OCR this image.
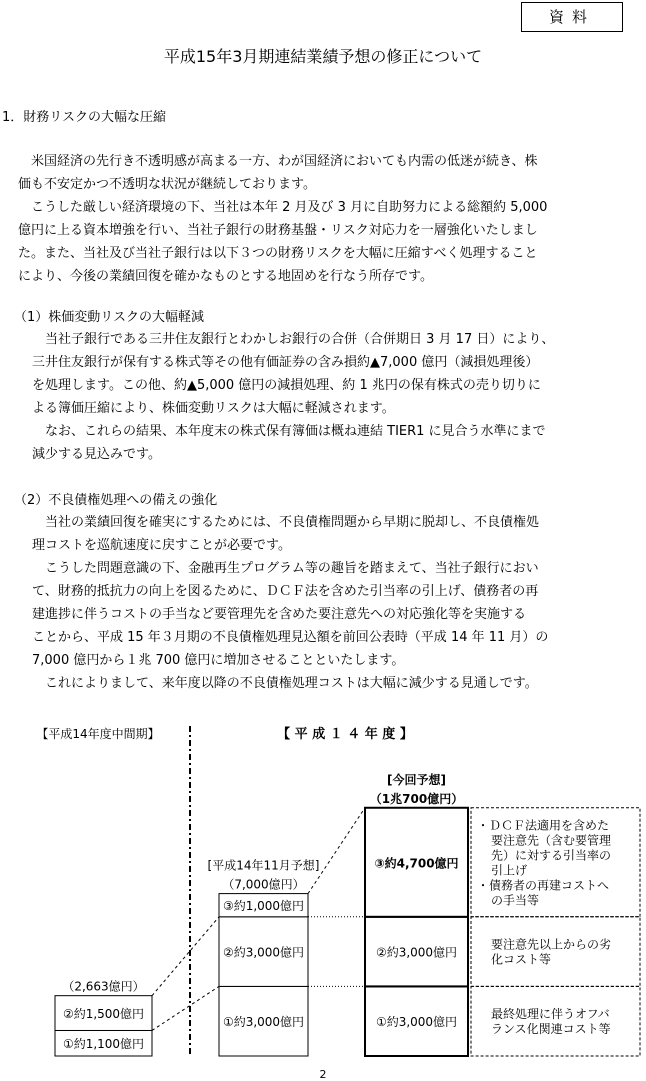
資料
平成15年3月期連結業績予想の修正について
1．財務リスクの大幅な圧縮
　米国経済の先行き不透明感が高まる一方、わが国経済においても内需の低迷が続き、株
価も不安定かつ不透明な状況が継続しております。
　こうした厳しい経済環境の下、当社は本年 2 月及び 3 月に自助努力による総額約 5,000
億円に上る資本増強を行い、当社子銀行の財務基盤・リスク対応力を一層強化いたしまし
た。また、当社及び当社子銀行は以下３つの財務リスクを大幅に圧縮すべく処理すること
により、今後の業績回復を確かなものとする地固めを行なう所存です。
（1）株価変動リスクの大幅軽減
　当社子銀行である三井住友銀行とわかしお銀行の合併（合併期日 3 月 17 日）により、
三井住友銀行が保有する株式等その他有価証券の含み損約▲7,000 億円（減損処理後）
を処理します。この他、約▲5,000 億円の減損処理、約 1 兆円の保有株式の売り切りに
よる簿価圧縮により、株価変動リスクは大幅に軽減されます。
　なお、これらの結果、本年度末の株式保有簿価は概ね連結 TIER1 に見合う水準にまで
減少する見込みです。
（2）不良債権処理への備えの強化
　当社の業績回復を確実にするためには、不良債権問題から早期に脱却し、不良債権処
理コストを巡航速度に戻すことが必要です。
　こうした問題意識の下、金融再生プログラム等の趣旨を踏まえて、当社子銀行におい
て、財務的抵抗力の向上を図るために、ＤＣＦ法を含めた引当率の引上げ、債務者の再
建進捗に伴うコストの手当など要管理先を含めた要注意先への対応強化等を実施する
ことから、平成 15 年３月期の不良債権処理見込額を前回公表時（平成 14 年 11 月）の
7,000 億円から１兆 700 億円に増加させることといたします。
　これによりまして、来年度以降の不良債権処理コストは大幅に減少する見通しです。
【平成14年度中間期】	【 平 成 １ ４ 年 度 】
①約1,100億円
②約1,500億円
（2,663億円）
①約3,000億円
②約3,000億円
③約1,000億円
（7,000億円）
[平成14年11月予想]
①約3,000億円
②約3,000億円
③約4,700億円
（1兆700億円）
[今回予想]
最終処理に伴うオフバ
ランス化関連コスト等
要注意先以上からの劣
化コスト等
・ＤＣＦ法適用を含めた
要注意先（含む要管理
先）に対する引当率の
引上げ
・債務者の再建コストへ
の手当等
2
